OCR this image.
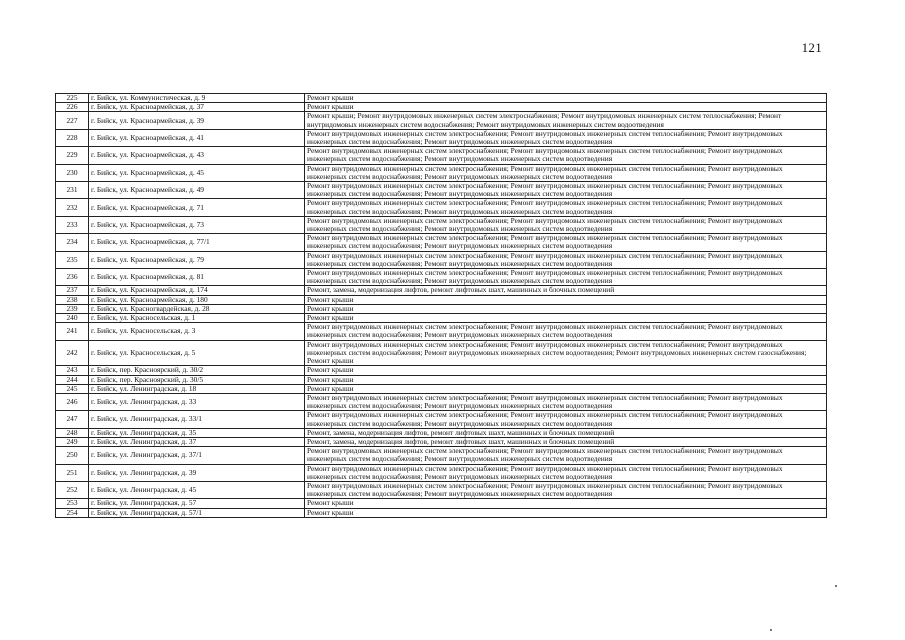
121
225	г. Бийск, ул. Коммунистическая, д. 9	Ремонт крыши
226	г. Бийск, ул. Красноармейская, д. 37	Ремонт крыши
227	г. Бийск, ул. Красноармейская, д. 39	Ремонт крыши; Ремонт внутридомовых инженерных систем электроснабжения; Ремонт внутридомовых инженерных систем теплоснабжения; Ремонт внутридомовых инженерных систем водоснабжения; Ремонт внутридомовых инженерных систем водоотведения
228	г. Бийск, ул. Красноармейская, д. 41	Ремонт внутридомовых инженерных систем электроснабжения; Ремонт внутридомовых инженерных систем теплоснабжения; Ремонт внутридомовых инженерных систем водоснабжения; Ремонт внутридомовых инженерных систем водоотведения
229	г. Бийск, ул. Красноармейская, д. 43	Ремонт внутридомовых инженерных систем электроснабжения; Ремонт внутридомовых инженерных систем теплоснабжения; Ремонт внутридомовых инженерных систем водоснабжения; Ремонт внутридомовых инженерных систем водоотведения
230	г. Бийск, ул. Красноармейская, д. 45	Ремонт внутридомовых инженерных систем электроснабжения; Ремонт внутридомовых инженерных систем теплоснабжения; Ремонт внутридомовых инженерных систем водоснабжения; Ремонт внутридомовых инженерных систем водоотведения
231	г. Бийск, ул. Красноармейская, д. 49	Ремонт внутридомовых инженерных систем электроснабжения; Ремонт внутридомовых инженерных систем теплоснабжения; Ремонт внутридомовых инженерных систем водоснабжения; Ремонт внутридомовых инженерных систем водоотведения
232	г. Бийск, ул. Красноармейская, д. 71	Ремонт внутридомовых инженерных систем электроснабжения; Ремонт внутридомовых инженерных систем теплоснабжения; Ремонт внутридомовых инженерных систем водоснабжения; Ремонт внутридомовых инженерных систем водоотведения
233	г. Бийск, ул. Красноармейская, д. 73	Ремонт внутридомовых инженерных систем электроснабжения; Ремонт внутридомовых инженерных систем теплоснабжения; Ремонт внутридомовых инженерных систем водоснабжения; Ремонт внутридомовых инженерных систем водоотведения
234	г. Бийск, ул. Красноармейская, д. 77/1	Ремонт внутридомовых инженерных систем электроснабжения; Ремонт внутридомовых инженерных систем теплоснабжения; Ремонт внутридомовых инженерных систем водоснабжения; Ремонт внутридомовых инженерных систем водоотведения
235	г. Бийск, ул. Красноармейская, д. 79	Ремонт внутридомовых инженерных систем электроснабжения; Ремонт внутридомовых инженерных систем теплоснабжения; Ремонт внутридомовых инженерных систем водоснабжения; Ремонт внутридомовых инженерных систем водоотведения
236	г. Бийск, ул. Красноармейская, д. 81	Ремонт внутридомовых инженерных систем электроснабжения; Ремонт внутридомовых инженерных систем теплоснабжения; Ремонт внутридомовых инженерных систем водоснабжения; Ремонт внутридомовых инженерных систем водоотведения
237	г. Бийск, ул. Красноармейская, д. 174	Ремонт, замена, модернизация лифтов, ремонт лифтовых шахт, машинных и блочных помещений
238	г. Бийск, ул. Красноармейская, д. 180	Ремонт крыши
239	г. Бийск, ул. Красногвардейская, д. 28	Ремонт крыши
240	г. Бийск, ул. Красносельская, д. 1	Ремонт крыши
241	г. Бийск, ул. Красносельская, д. 3	Ремонт внутридомовых инженерных систем электроснабжения; Ремонт внутридомовых инженерных систем теплоснабжения; Ремонт внутридомовых инженерных систем водоснабжения; Ремонт внутридомовых инженерных систем водоотведения
242	г. Бийск, ул. Красносельская, д. 5	Ремонт внутридомовых инженерных систем электроснабжения; Ремонт внутридомовых инженерных систем теплоснабжения; Ремонт внутридомовых инженерных систем водоснабжения; Ремонт внутридомовых инженерных систем водоотведения; Ремонт внутридомовых инженерных систем газоснабжения; Ремонт крыши
243	г. Бийск, пер. Красноярский, д. 30/2	Ремонт крыши
244	г. Бийск, пер. Красноярский, д. 30/5	Ремонт крыши
245	г. Бийск, ул. Ленинградская, д. 18	Ремонт крыши
246	г. Бийск, ул. Ленинградская, д. 33	Ремонт внутридомовых инженерных систем электроснабжения; Ремонт внутридомовых инженерных систем теплоснабжения; Ремонт внутридомовых инженерных систем водоснабжения; Ремонт внутридомовых инженерных систем водоотведения
247	г. Бийск, ул. Ленинградская, д. 33/1	Ремонт внутридомовых инженерных систем электроснабжения; Ремонт внутридомовых инженерных систем теплоснабжения; Ремонт внутридомовых инженерных систем водоснабжения; Ремонт внутридомовых инженерных систем водоотведения
248	г. Бийск, ул. Ленинградская, д. 35	Ремонт, замена, модернизация лифтов, ремонт лифтовых шахт, машинных и блочных помещений
249	г. Бийск, ул. Ленинградская, д. 37	Ремонт, замена, модернизация лифтов, ремонт лифтовых шахт, машинных и блочных помещений
250	г. Бийск, ул. Ленинградская, д. 37/1	Ремонт внутридомовых инженерных систем электроснабжения; Ремонт внутридомовых инженерных систем теплоснабжения; Ремонт внутридомовых инженерных систем водоснабжения; Ремонт внутридомовых инженерных систем водоотведения
251	г. Бийск, ул. Ленинградская, д. 39	Ремонт внутридомовых инженерных систем электроснабжения; Ремонт внутридомовых инженерных систем теплоснабжения; Ремонт внутридомовых инженерных систем водоснабжения; Ремонт внутридомовых инженерных систем водоотведения
252	г. Бийск, ул. Ленинградская, д. 45	Ремонт внутридомовых инженерных систем электроснабжения; Ремонт внутридомовых инженерных систем теплоснабжения; Ремонт внутридомовых инженерных систем водоснабжения; Ремонт внутридомовых инженерных систем водоотведения
253	г. Бийск, ул. Ленинградская, д. 57	Ремонт крыши
254	г. Бийск, ул. Ленинградская, д. 57/1	Ремонт крыши
